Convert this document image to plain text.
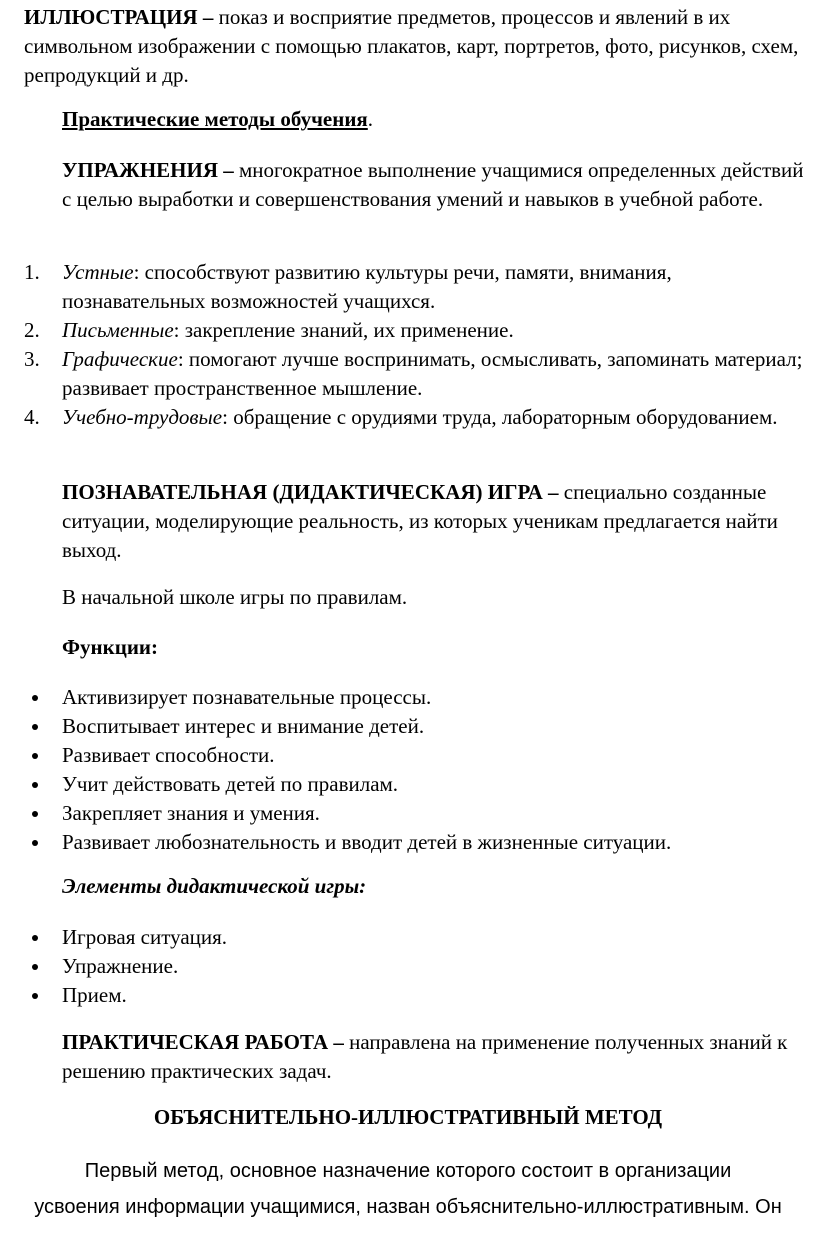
ИЛЛЮСТРАЦИЯ – показ и восприятие предметов, процессов и явлений в их символьном изображении с помощью плакатов, карт, портретов, фото, рисунков, схем, репродукций и др.

Практические методы обучения.

УПРАЖНЕНИЯ – многократное выполнение учащимися определенных действий с целью выработки и совершенствования умений и навыков в учебной работе.

1. Устные: способствуют развитию культуры речи, памяти, внимания, познавательных возможностей учащихся.
2. Письменные: закрепление знаний, их применение.
3. Графические: помогают лучше воспринимать, осмысливать, запоминать материал; развивает пространственное мышление.
4. Учебно-трудовые: обращение с орудиями труда, лабораторным оборудованием.

ПОЗНАВАТЕЛЬНАЯ (ДИДАКТИЧЕСКАЯ) ИГРА – специально созданные ситуации, моделирующие реальность, из которых ученикам предлагается найти выход.

В начальной школе игры по правилам.

Функции:

Активизирует познавательные процессы.
Воспитывает интерес и внимание детей.
Развивает способности.
Учит действовать детей по правилам.
Закрепляет знания и умения.
Развивает любознательность и вводит детей в жизненные ситуации.

Элементы дидактической игры:

Игровая ситуация.
Упражнение.
Прием.

ПРАКТИЧЕСКАЯ РАБОТА – направлена на применение полученных знаний к решению практических задач.

ОБЪЯСНИТЕЛЬНО-ИЛЛЮСТРАТИВНЫЙ МЕТОД

Первый метод, основное назначение которого состоит в организации

усвоения информации учащимися, назван объяснительно-иллюстративным. Он
